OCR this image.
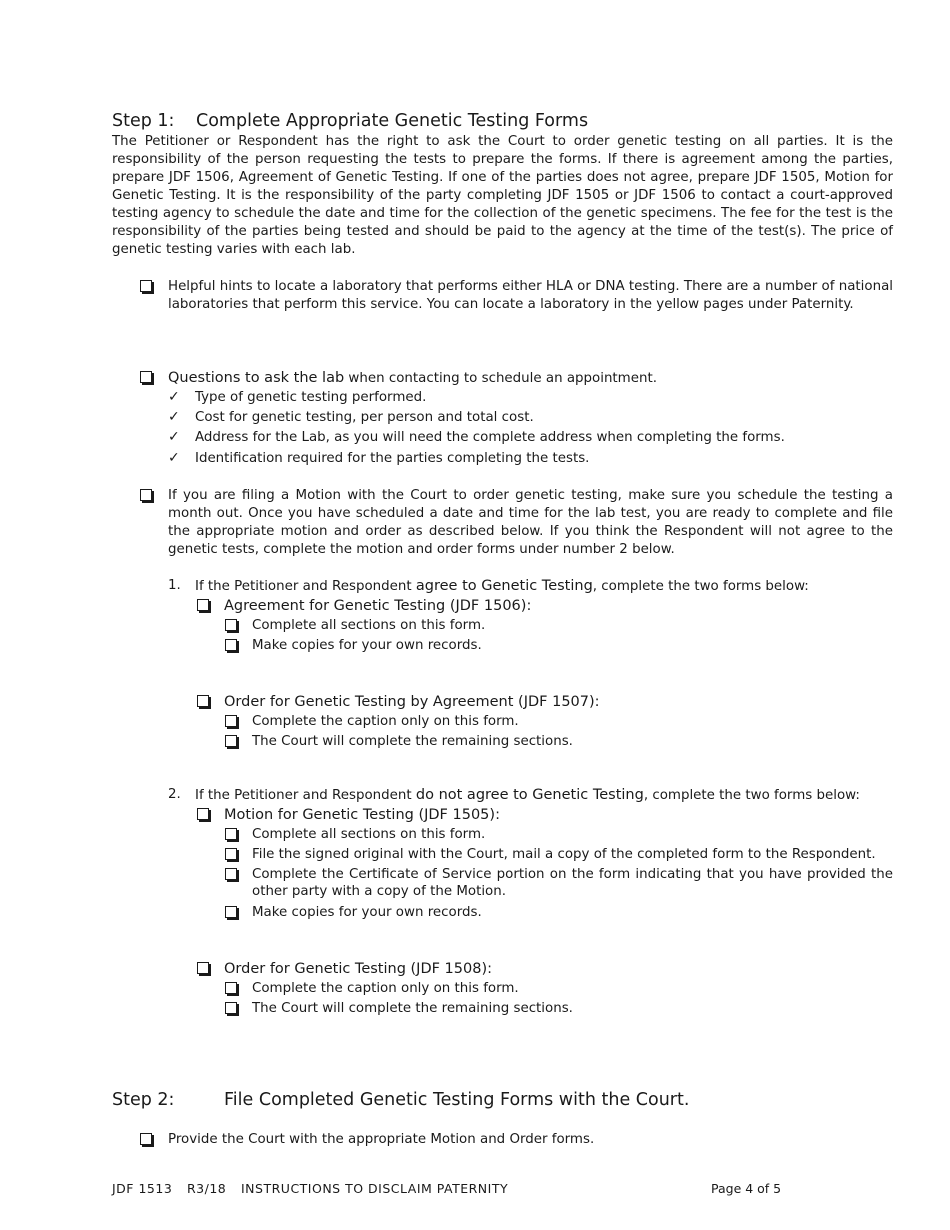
Step 1: Complete Appropriate Genetic Testing Forms
The Petitioner or Respondent has the right to ask the Court to order genetic testing on all parties. It is the responsibility of the person requesting the tests to prepare the forms. If there is agreement among the parties, prepare JDF 1506, Agreement of Genetic Testing. If one of the parties does not agree, prepare JDF 1505, Motion for Genetic Testing. It is the responsibility of the party completing JDF 1505 or JDF 1506 to contact a court-approved testing agency to schedule the date and time for the collection of the genetic specimens. The fee for the test is the responsibility of the parties being tested and should be paid to the agency at the time of the test(s). The price of genetic testing varies with each lab.
Helpful hints to locate a laboratory that performs either HLA or DNA testing. There are a number of national laboratories that perform this service. You can locate a laboratory in the yellow pages under Paternity.
Questions to ask the lab when contacting to schedule an appointment.
✓ Type of genetic testing performed.
✓ Cost for genetic testing, per person and total cost.
✓ Address for the Lab, as you will need the complete address when completing the forms.
✓ Identification required for the parties completing the tests.
If you are filing a Motion with the Court to order genetic testing, make sure you schedule the testing a month out. Once you have scheduled a date and time for the lab test, you are ready to complete and file the appropriate motion and order as described below. If you think the Respondent will not agree to the genetic tests, complete the motion and order forms under number 2 below.
1. If the Petitioner and Respondent agree to Genetic Testing, complete the two forms below:
Agreement for Genetic Testing (JDF 1506):
Complete all sections on this form.
Make copies for your own records.
Order for Genetic Testing by Agreement (JDF 1507):
Complete the caption only on this form.
The Court will complete the remaining sections.
2. If the Petitioner and Respondent do not agree to Genetic Testing, complete the two forms below:
Motion for Genetic Testing (JDF 1505):
Complete all sections on this form.
File the signed original with the Court, mail a copy of the completed form to the Respondent.
Complete the Certificate of Service portion on the form indicating that you have provided the other party with a copy of the Motion.
Make copies for your own records.
Order for Genetic Testing (JDF 1508):
Complete the caption only on this form.
The Court will complete the remaining sections.
Step 2:	File Completed Genetic Testing Forms with the Court.
Provide the Court with the appropriate Motion and Order forms.
JDF 1513 R3/18 INSTRUCTIONS TO DISCLAIM PATERNITY	Page 4 of 5
